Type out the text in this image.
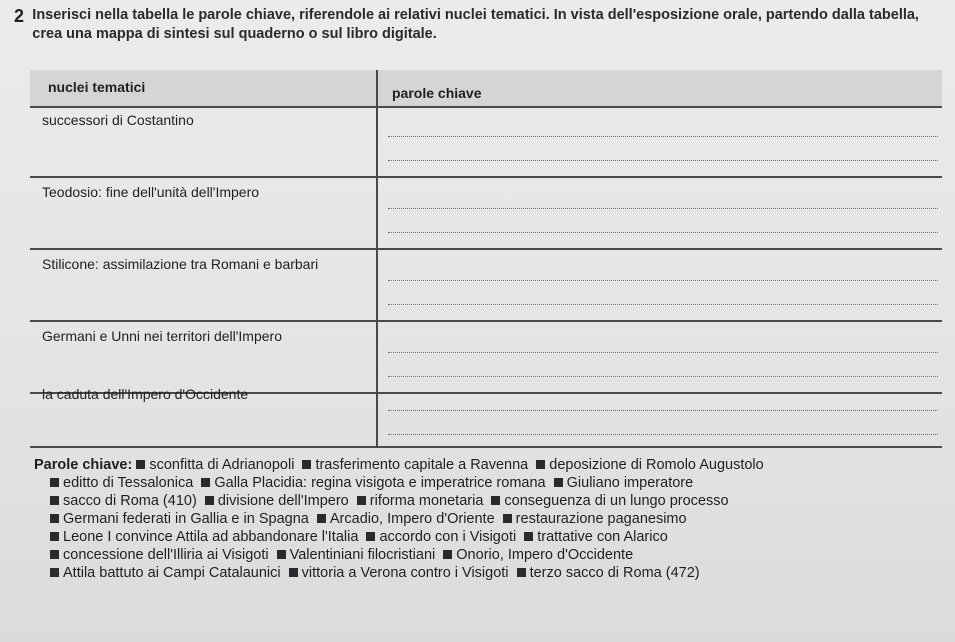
2 Inserisci nella tabella le parole chiave, riferendole ai relativi nuclei tematici. In vista dell'esposizione orale, partendo dalla tabella, crea una mappa di sintesi sul quaderno o sul libro digitale.
nuclei tematici	parole chiave
successori di Costantino
Teodosio: fine dell'unità dell'Impero
Stilicone: assimilazione tra Romani e barbari
Germani e Unni nei territori dell'Impero
la caduta dell'Impero d'Occidente
Parole chiave: sconfitta di Adrianopoli trasferimento capitale a Ravenna deposizione di Romolo Augustolo
editto di Tessalonica Galla Placidia: regina visigota e imperatrice romana Giuliano imperatore
sacco di Roma (410) divisione dell'Impero riforma monetaria conseguenza di un lungo processo
Germani federati in Gallia e in Spagna Arcadio, Impero d'Oriente restaurazione paganesimo
Leone I convince Attila ad abbandonare l'Italia accordo con i Visigoti trattative con Alarico
concessione dell'Illiria ai Visigoti Valentiniani filocristiani Onorio, Impero d'Occidente
Attila battuto ai Campi Catalaunici vittoria a Verona contro i Visigoti terzo sacco di Roma (472)
